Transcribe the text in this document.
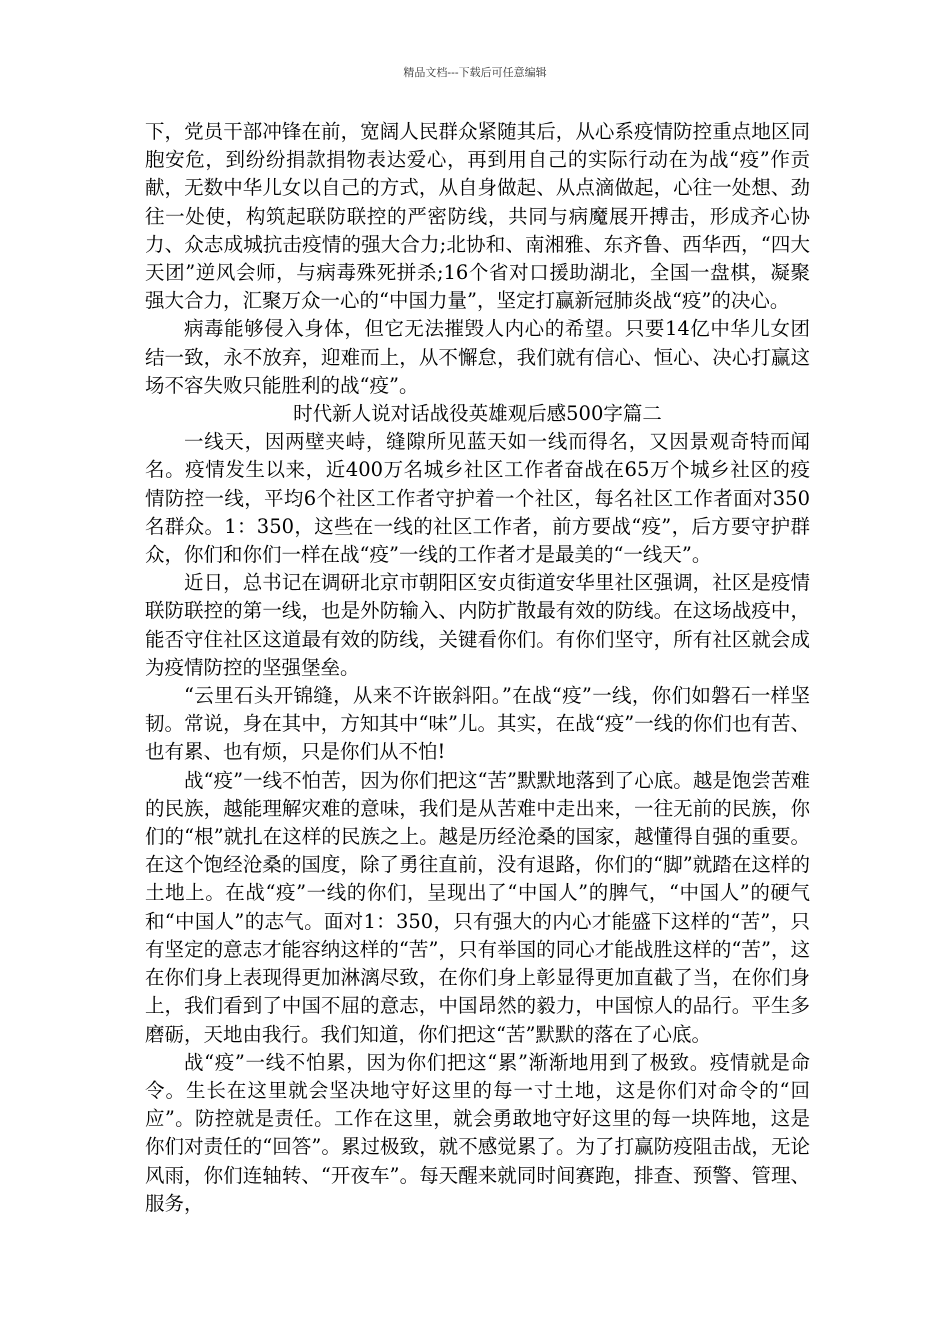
精品文档---下载后可任意编辑

下，党员干部冲锋在前，宽阔人民群众紧随其后，从心系疫情防控重点地区同胞安危，到纷纷捐款捐物表达爱心，再到用自己的实际行动在为战“疫”作贡献，无数中华儿女以自己的方式，从自身做起、从点滴做起，心往一处想、劲往一处使，构筑起联防联控的严密防线，共同与病魔展开搏击，形成齐心协力、众志成城抗击疫情的强大合力;北协和、南湘雅、东齐鲁、西华西，“四大天团”逆风会师，与病毒殊死拼杀;16个省对口援助湖北，全国一盘棋，凝聚强大合力，汇聚万众一心的“中国力量”，坚定打赢新冠肺炎战“疫”的决心。

病毒能够侵入身体，但它无法摧毁人内心的希望。只要14亿中华儿女团结一致，永不放弃，迎难而上，从不懈怠，我们就有信心、恒心、决心打赢这场不容失败只能胜利的战“疫”。

时代新人说对话战役英雄观后感500字篇二

一线天，因两壁夹峙，缝隙所见蓝天如一线而得名，又因景观奇特而闻名。疫情发生以来，近400万名城乡社区工作者奋战在65万个城乡社区的疫情防控一线，平均6个社区工作者守护着一个社区，每名社区工作者面对350名群众。1：350，这些在一线的社区工作者，前方要战“疫”，后方要守护群众，你们和你们一样在战“疫”一线的工作者才是最美的“一线天”。

近日，总书记在调研北京市朝阳区安贞街道安华里社区强调，社区是疫情联防联控的第一线，也是外防输入、内防扩散最有效的防线。在这场战疫中，能否守住社区这道最有效的防线，关键看你们。有你们坚守，所有社区就会成为疫情防控的坚强堡垒。

“云里石头开锦缝，从来不许嵌斜阳。”在战“疫”一线，你们如磐石一样坚韧。常说，身在其中，方知其中“味”儿。其实，在战“疫”一线的你们也有苦、也有累、也有烦，只是你们从不怕!

战“疫”一线不怕苦，因为你们把这“苦”默默地落到了心底。越是饱尝苦难的民族，越能理解灾难的意味，我们是从苦难中走出来，一往无前的民族，你们的“根”就扎在这样的民族之上。越是历经沧桑的国家，越懂得自强的重要。在这个饱经沧桑的国度，除了勇往直前，没有退路，你们的“脚”就踏在这样的土地上。在战“疫”一线的你们，呈现出了“中国人”的脾气，“中国人”的硬气和“中国人”的志气。面对1：350，只有强大的内心才能盛下这样的“苦”，只有坚定的意志才能容纳这样的“苦”，只有举国的同心才能战胜这样的“苦”，这在你们身上表现得更加淋漓尽致，在你们身上彰显得更加直截了当，在你们身上，我们看到了中国不屈的意志，中国昂然的毅力，中国惊人的品行。平生多磨砺，天地由我行。我们知道，你们把这“苦”默默的落在了心底。

战“疫”一线不怕累，因为你们把这“累”渐渐地用到了极致。疫情就是命令。生长在这里就会坚决地守好这里的每一寸土地，这是你们对命令的“回应”。防控就是责任。工作在这里，就会勇敢地守好这里的每一块阵地，这是你们对责任的“回答”。累过极致，就不感觉累了。为了打赢防疫阻击战，无论风雨，你们连轴转、“开夜车”。每天醒来就同时间赛跑，排查、预警、管理、服务，
